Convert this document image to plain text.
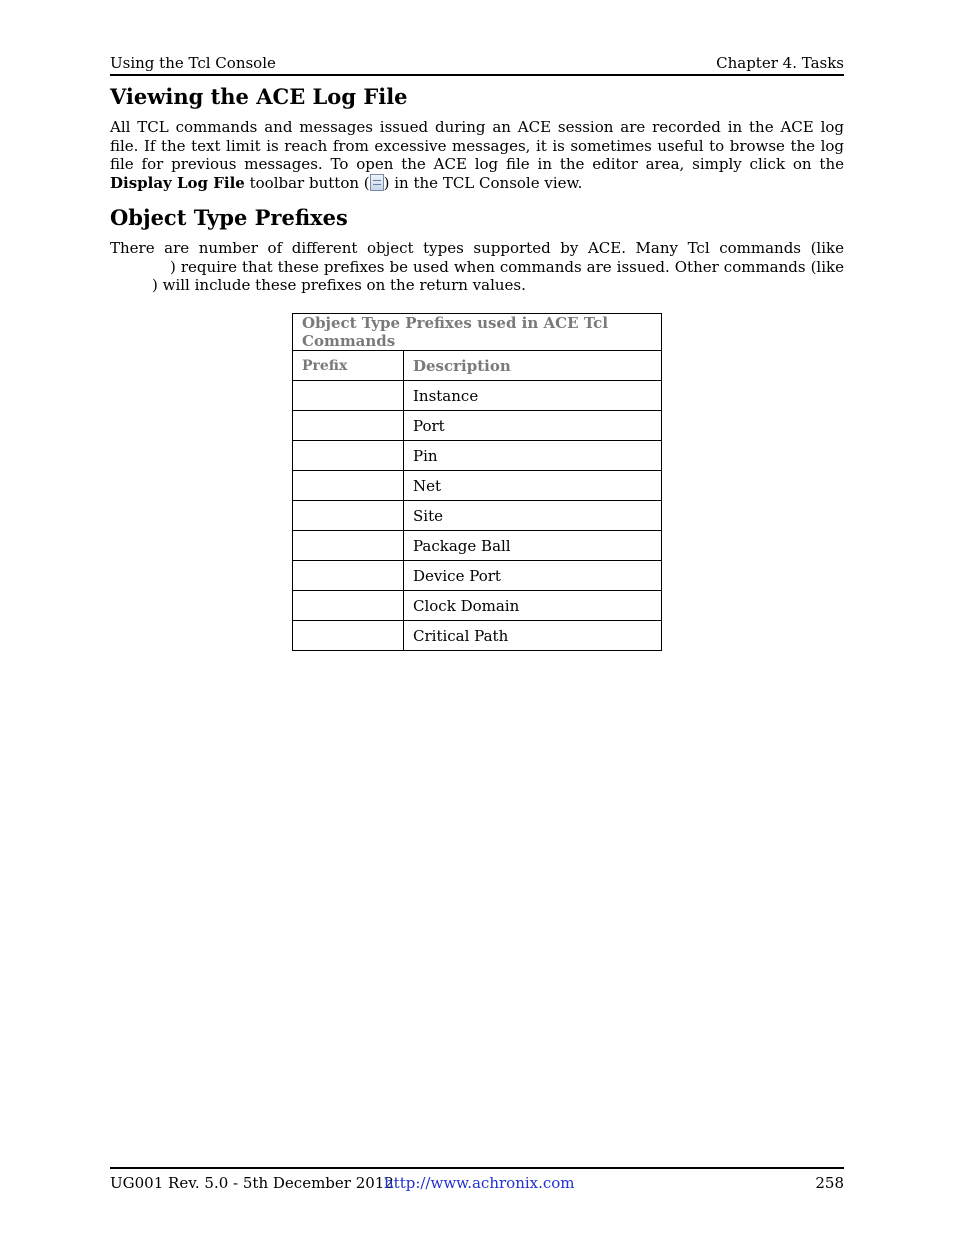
Using the Tcl Console	Chapter 4. Tasks
Viewing the ACE Log File

All TCL commands and messages issued during an ACE session are recorded in the ACE log file. If the text limit is reach from excessive messages, it is sometimes useful to browse the log file for previous messages. To open the ACE log file in the editor area, simply click on the Display Log File toolbar button ( ) in the TCL Console view.

Object Type Prefixes

There are number of different object types supported by ACE. Many Tcl commands (like ) require that these prefixes be used when commands are issued. Other commands (like ) will include these prefixes on the return values.

Object Type Prefixes used in ACE Tcl Commands	
Prefix	Description
	Instance
	Port
	Pin
	Net
	Site
	Package Ball
	Device Port
	Clock Domain
	Critical Path
UG001 Rev. 5.0 - 5th December 2012
http://www.achronix.com	258
